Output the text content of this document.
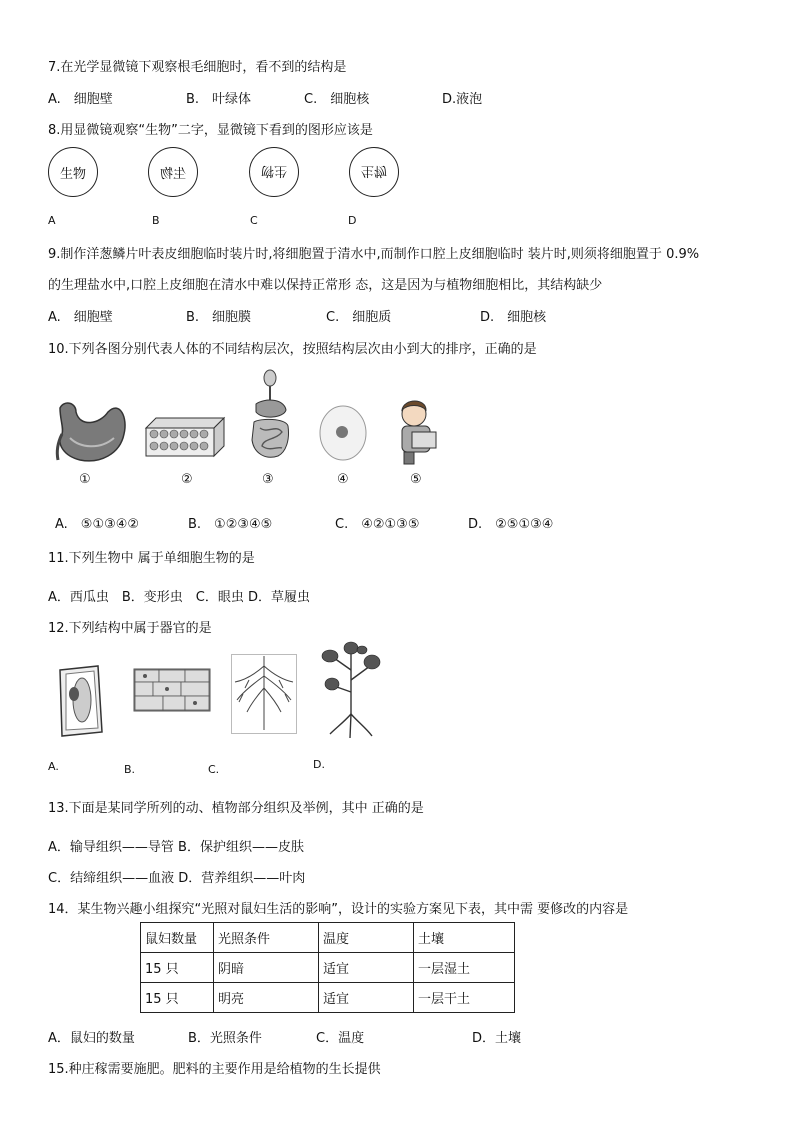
7.在光学显微镜下观察根毛细胞时，看不到的结构是
A.　细胞壁	B.　叶绿体	C.　细胞核	D.液泡
8.用显微镜观察“生物”二字，显微镜下看到的图形应该是
生物	生物	生物	生物
A	B	C	D
9.制作洋葱鳞片叶表皮细胞临时装片时,将细胞置于清水中,而制作口腔上皮细胞临时 装片时,则须将细胞置于 0.9%
的生理盐水中,口腔上皮细胞在清水中难以保持正常形 态，这是因为与植物细胞相比，其结构缺少
A.　细胞壁	B.　细胞膜	C.　细胞质	D.　细胞核
10.下列各图分别代表人体的不同结构层次，按照结构层次由小到大的排序，正确的是
①	②	③	④	⑤
A.　⑤①③④②	B.　①②③④⑤	C.　④②①③⑤	D.　②⑤①③④
11.下列生物中 属于单细胞生物的是
A．西瓜虫　B．变形虫　C．眼虫 D．草履虫
12.下列结构中属于器官的是
A.	B.	C.	D.
13.下面是某同学所列的动、植物部分组织及举例，其中 正确的是
A．输导组织——导管 B．保护组织——皮肤
C．结缔组织——血液 D．营养组织——叶肉
14．某生物兴趣小组探究“光照对鼠妇生活的影响”，设计的实验方案见下表，其中需 要修改的内容是
鼠妇数量	光照条件	温度	土壤
15 只	阴暗	适宜	一层湿土
15 只	明亮	适宜	一层干土
A．鼠妇的数量	B．光照条件	C．温度	D．土壤
15.种庄稼需要施肥。肥料的主要作用是给植物的生长提供
